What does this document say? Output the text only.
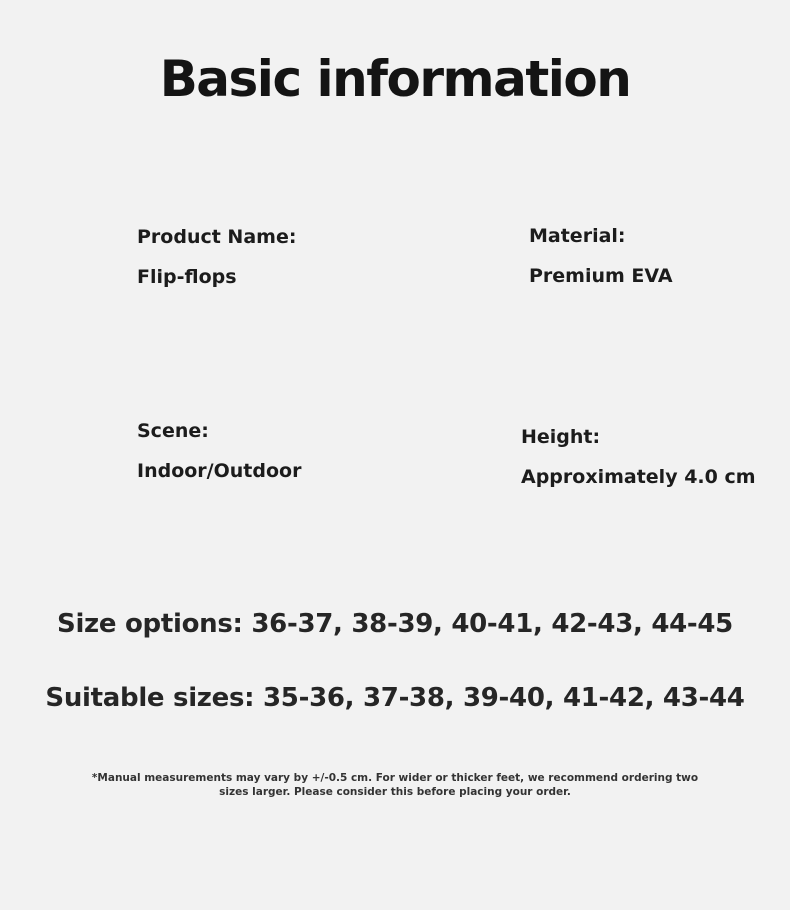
Basic information
Product Name:
Flip-flops
Material:
Premium EVA
Scene:
Indoor/Outdoor
Height:
Approximately 4.0 cm
Size options: 36-37, 38-39, 40-41, 42-43, 44-45
Suitable sizes: 35-36, 37-38, 39-40, 41-42, 43-44
*Manual measurements may vary by +/-0.5 cm. For wider or thicker feet, we recommend ordering two sizes larger. Please consider this before placing your order.
